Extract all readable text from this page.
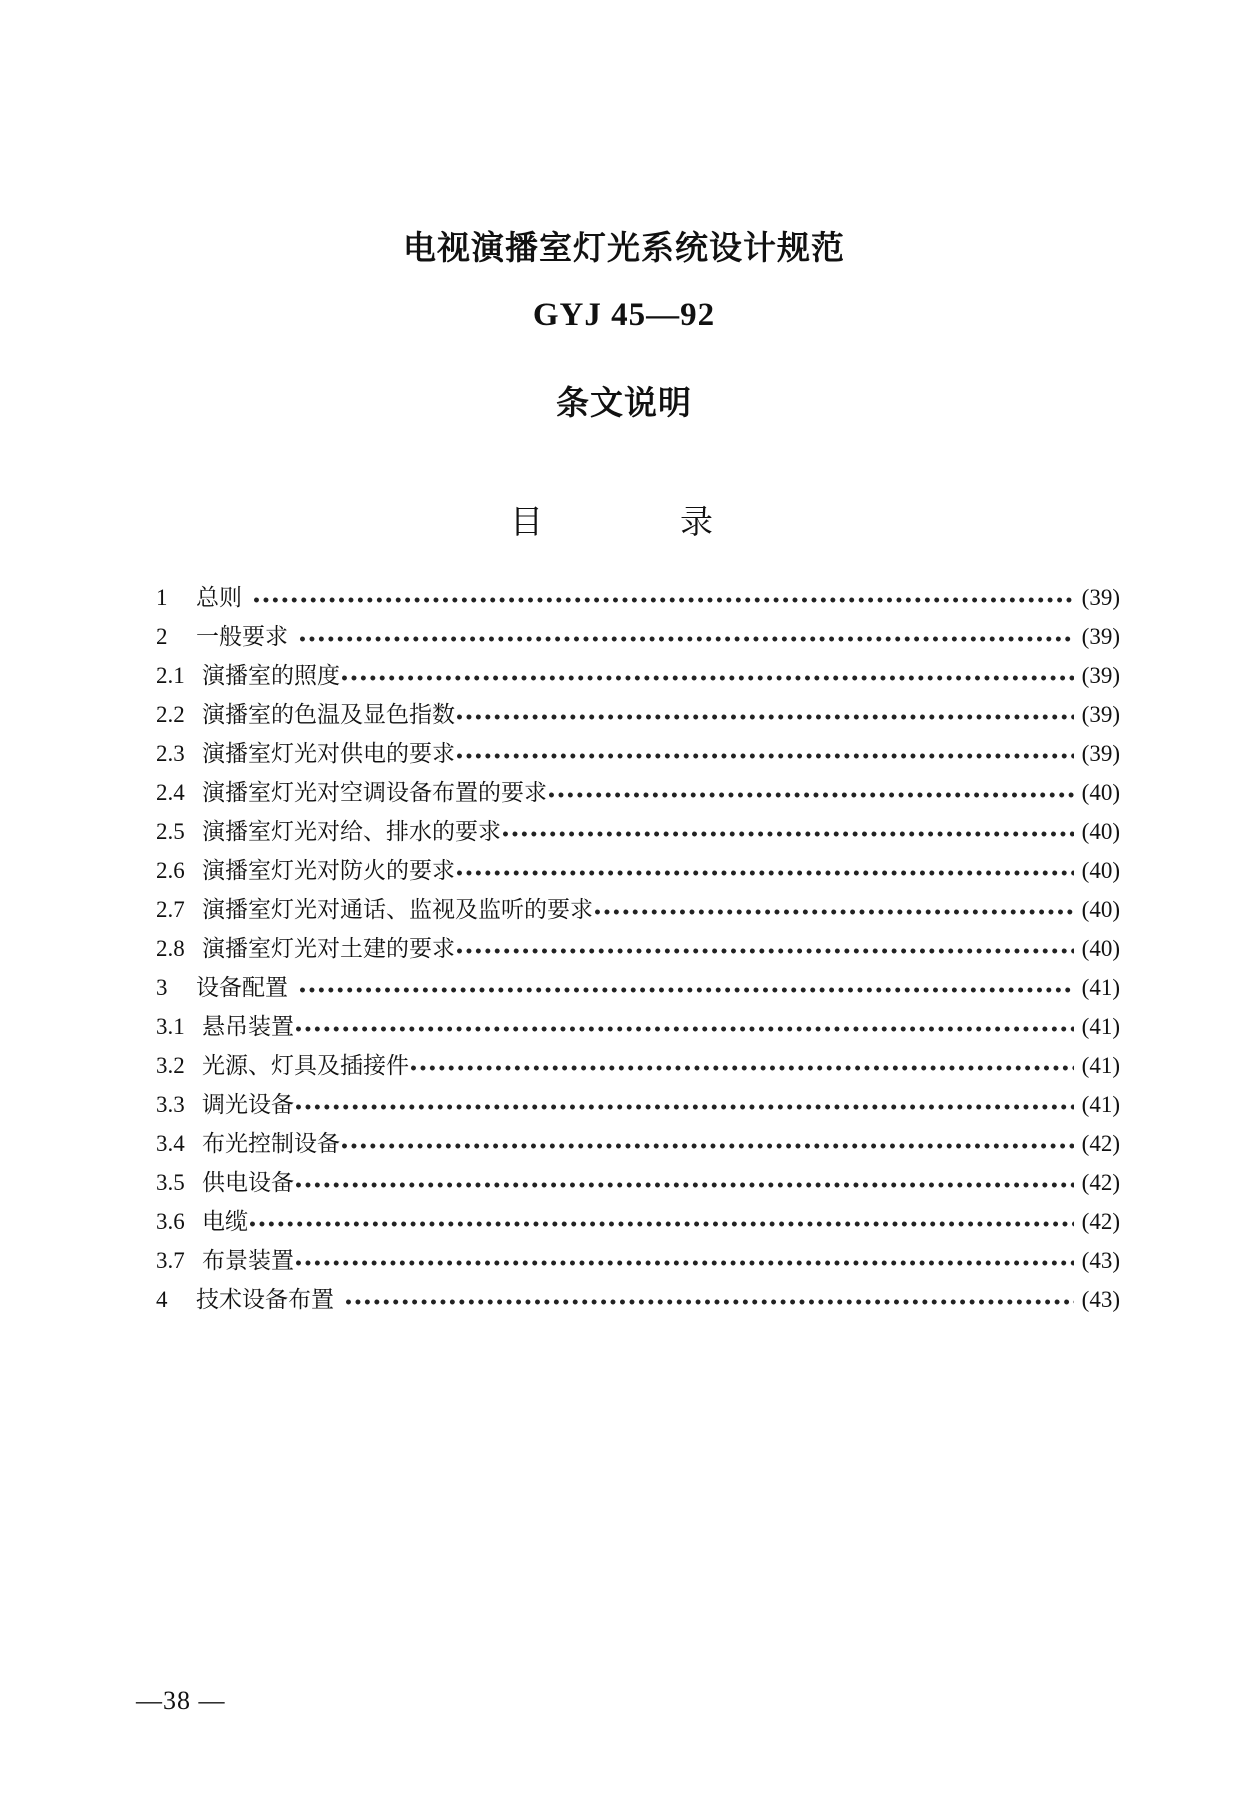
电视演播室灯光系统设计规范
GYJ 45—92
条文说明
目	录
1	总则 •••••	(39)
2	一般要求 •••••	(39)
2.1 演播室的照度 •••••	(39)
2.2 演播室的色温及显色指数 •••••	(39)
2.3 演播室灯光对供电的要求 •••••	(39)
2.4 演播室灯光对空调设备布置的要求 •••••	(40)
2.5 演播室灯光对给、排水的要求 •••••	(40)
2.6 演播室灯光对防火的要求 •••••	(40)
2.7 演播室灯光对通话、监视及监听的要求 •••••	(40)
2.8 演播室灯光对土建的要求 •••••	(40)
3	设备配置 •••••	(41)
3.1 悬吊装置 •••••	(41)
3.2 光源、灯具及插接件 •••••	(41)
3.3 调光设备 •••••	(41)
3.4 布光控制设备 •••••	(42)
3.5 供电设备 •••••	(42)
3.6 电缆 •••••	(42)
3.7 布景装置 •••••	(43)
4	技术设备布置 •••••	(43)
—38 —
